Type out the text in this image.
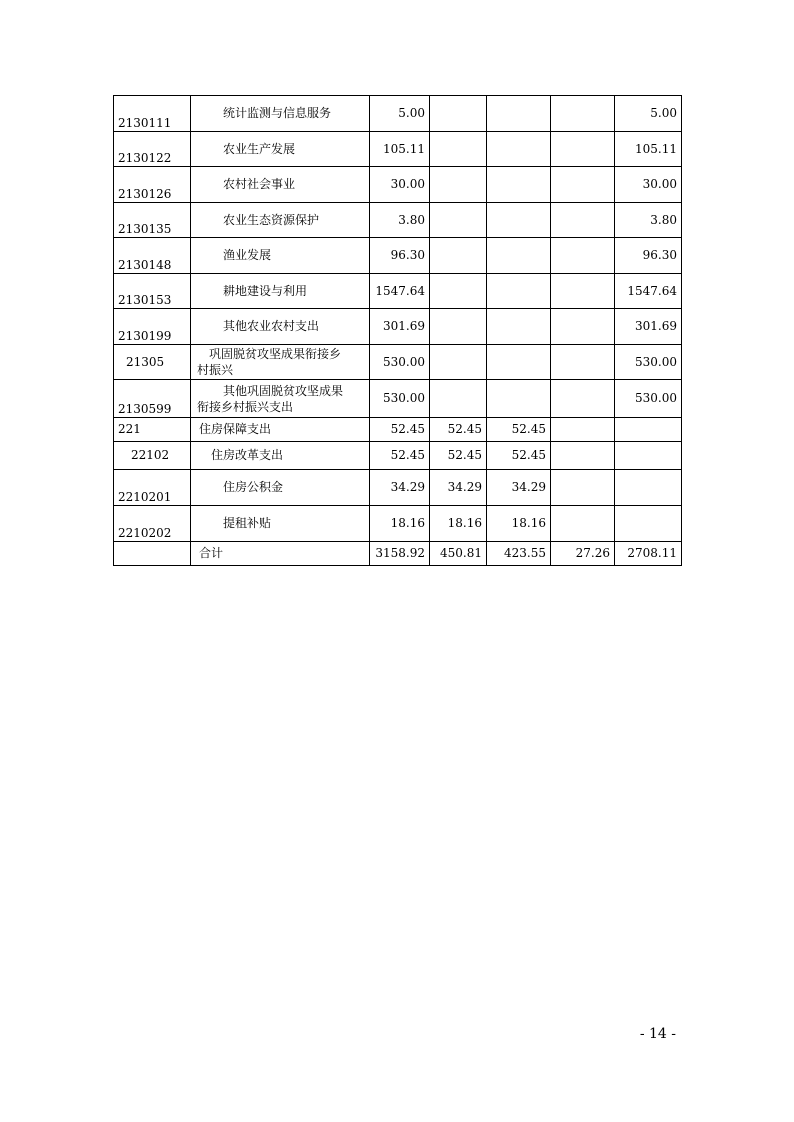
2130111	统计监测与信息服务	5.00				5.00
2130122	农业生产发展	105.11				105.11
2130126	农村社会事业	30.00				30.00
2130135	农业生态资源保护	3.80				3.80
2130148	渔业发展	96.30				96.30
2130153	耕地建设与利用	1547.64				1547.64
2130199	其他农业农村支出	301.69				301.69
21305	巩固脱贫攻坚成果衔接乡
村振兴	530.00				530.00
2130599	其他巩固脱贫攻坚成果
衔接乡村振兴支出	530.00				530.00
221	住房保障支出	52.45	52.45	52.45		
22102	住房改革支出	52.45	52.45	52.45		
2210201	住房公积金	34.29	34.29	34.29		
2210202	提租补贴	18.16	18.16	18.16		
	合计	3158.92	450.81	423.55	27.26	2708.11
- 14 -
